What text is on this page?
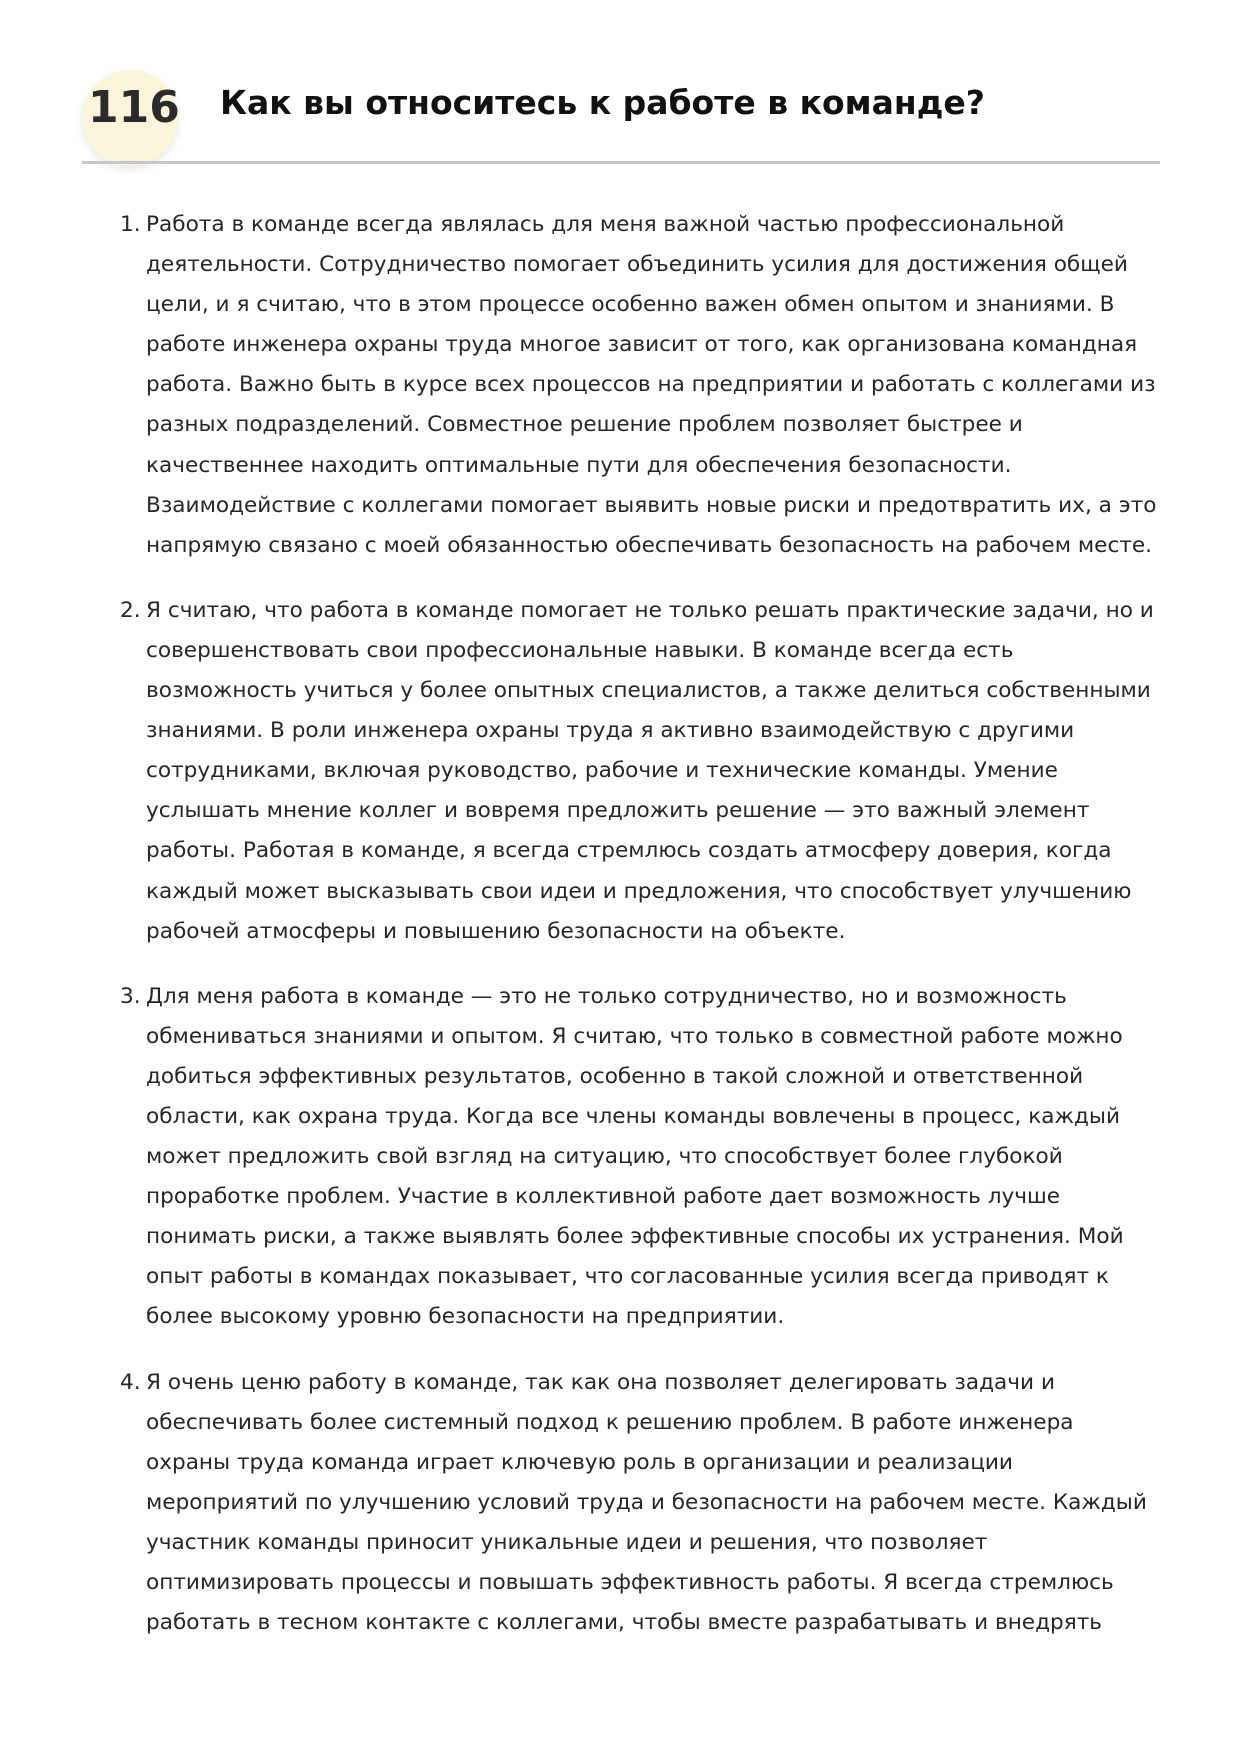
116 Как вы относитесь к работе в команде?
1. Работа в команде всегда являлась для меня важной частью профессиональной деятельности. Сотрудничество помогает объединить усилия для достижения общей цели, и я считаю, что в этом процессе особенно важен обмен опытом и знаниями. В работе инженера охраны труда многое зависит от того, как организована командная работа. Важно быть в курсе всех процессов на предприятии и работать с коллегами из разных подразделений. Совместное решение проблем позволяет быстрее и качественнее находить оптимальные пути для обеспечения безопасности. Взаимодействие с коллегами помогает выявить новые риски и предотвратить их, а это напрямую связано с моей обязанностью обеспечивать безопасность на рабочем месте.
2. Я считаю, что работа в команде помогает не только решать практические задачи, но и совершенствовать свои профессиональные навыки. В команде всегда есть возможность учиться у более опытных специалистов, а также делиться собственными знаниями. В роли инженера охраны труда я активно взаимодействую с другими сотрудниками, включая руководство, рабочие и технические команды. Умение услышать мнение коллег и вовремя предложить решение — это важный элемент работы. Работая в команде, я всегда стремлюсь создать атмосферу доверия, когда каждый может высказывать свои идеи и предложения, что способствует улучшению рабочей атмосферы и повышению безопасности на объекте.
3. Для меня работа в команде — это не только сотрудничество, но и возможность обмениваться знаниями и опытом. Я считаю, что только в совместной работе можно добиться эффективных результатов, особенно в такой сложной и ответственной области, как охрана труда. Когда все члены команды вовлечены в процесс, каждый может предложить свой взгляд на ситуацию, что способствует более глубокой проработке проблем. Участие в коллективной работе дает возможность лучше понимать риски, а также выявлять более эффективные способы их устранения. Мой опыт работы в командах показывает, что согласованные усилия всегда приводят к более высокому уровню безопасности на предприятии.
4. Я очень ценю работу в команде, так как она позволяет делегировать задачи и обеспечивать более системный подход к решению проблем. В работе инженера охраны труда команда играет ключевую роль в организации и реализации мероприятий по улучшению условий труда и безопасности на рабочем месте. Каждый участник команды приносит уникальные идеи и решения, что позволяет оптимизировать процессы и повышать эффективность работы. Я всегда стремлюсь работать в тесном контакте с коллегами, чтобы вместе разрабатывать и внедрять
